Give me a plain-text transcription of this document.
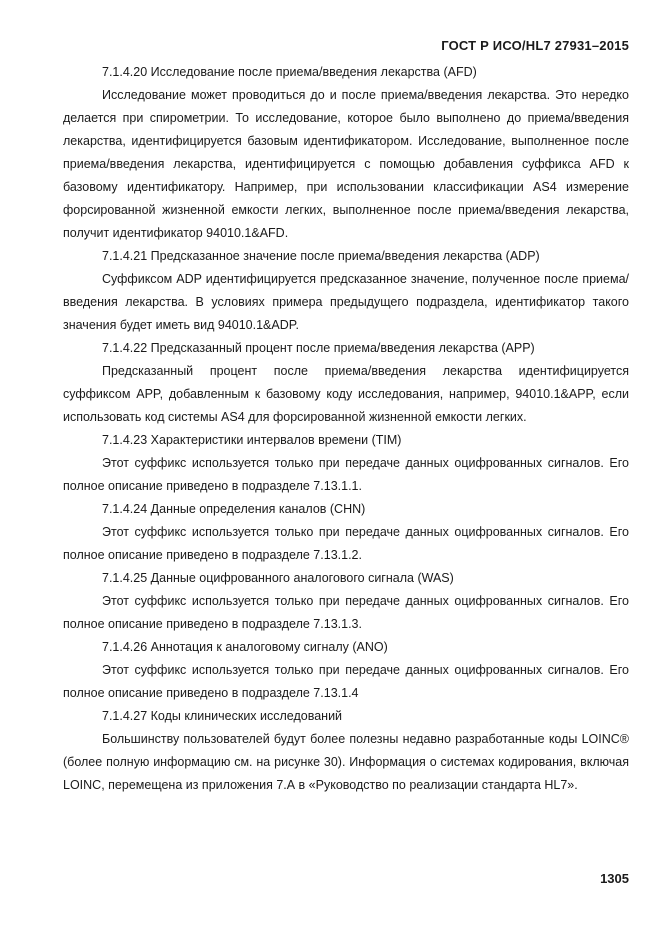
ГОСТ Р ИСО/HL7 27931–2015

7.1.4.20 Исследование после приема/введения лекарства (AFD)

Исследование может проводиться до и после приема/введения лекарства. Это нередко делается при спирометрии. То исследование, которое было выполнено до приема/введения лекарства, идентифицируется базовым идентификатором. Исследование, выполненное после приема/введения лекарства, идентифицируется с помощью добавления суффикса AFD к базовому идентификатору. Например, при использовании классификации AS4 измерение форсированной жизненной емкости легких, выполненное после приема/введения лекарства, получит идентификатор 94010.1&AFD.

7.1.4.21 Предсказанное значение после приема/введения лекарства (ADP)

Суффиксом ADP идентифицируется предсказанное значение, полученное после приема/введения лекарства. В условиях примера предыдущего подраздела, идентификатор такого значения будет иметь вид 94010.1&ADP.

7.1.4.22 Предсказанный процент после приема/введения лекарства (APP)

Предсказанный процент после приема/введения лекарства идентифицируется суффиксом APP, добавленным к базовому коду исследования, например, 94010.1&APP, если использовать код системы AS4 для форсированной жизненной емкости легких.

7.1.4.23 Характеристики интервалов времени (TIM)

Этот суффикс используется только при передаче данных оцифрованных сигналов. Его полное описание приведено в подразделе 7.13.1.1.

7.1.4.24 Данные определения каналов (CHN)

Этот суффикс используется только при передаче данных оцифрованных сигналов. Его полное описание приведено в подразделе 7.13.1.2.

7.1.4.25 Данные оцифрованного аналогового сигнала (WAS)

Этот суффикс используется только при передаче данных оцифрованных сигналов. Его полное описание приведено в подразделе 7.13.1.3.

7.1.4.26 Аннотация к аналоговому сигналу (ANO)

Этот суффикс используется только при передаче данных оцифрованных сигналов. Его полное описание приведено в подразделе 7.13.1.4

7.1.4.27 Коды клинических исследований

Большинству пользователей будут более полезны недавно разработанные коды LOINC® (более полную информацию см. на рисунке 30). Информация о системах кодирования, включая LOINC, перемещена из приложения 7.А в «Руководство по реализации стандарта HL7».

1305
